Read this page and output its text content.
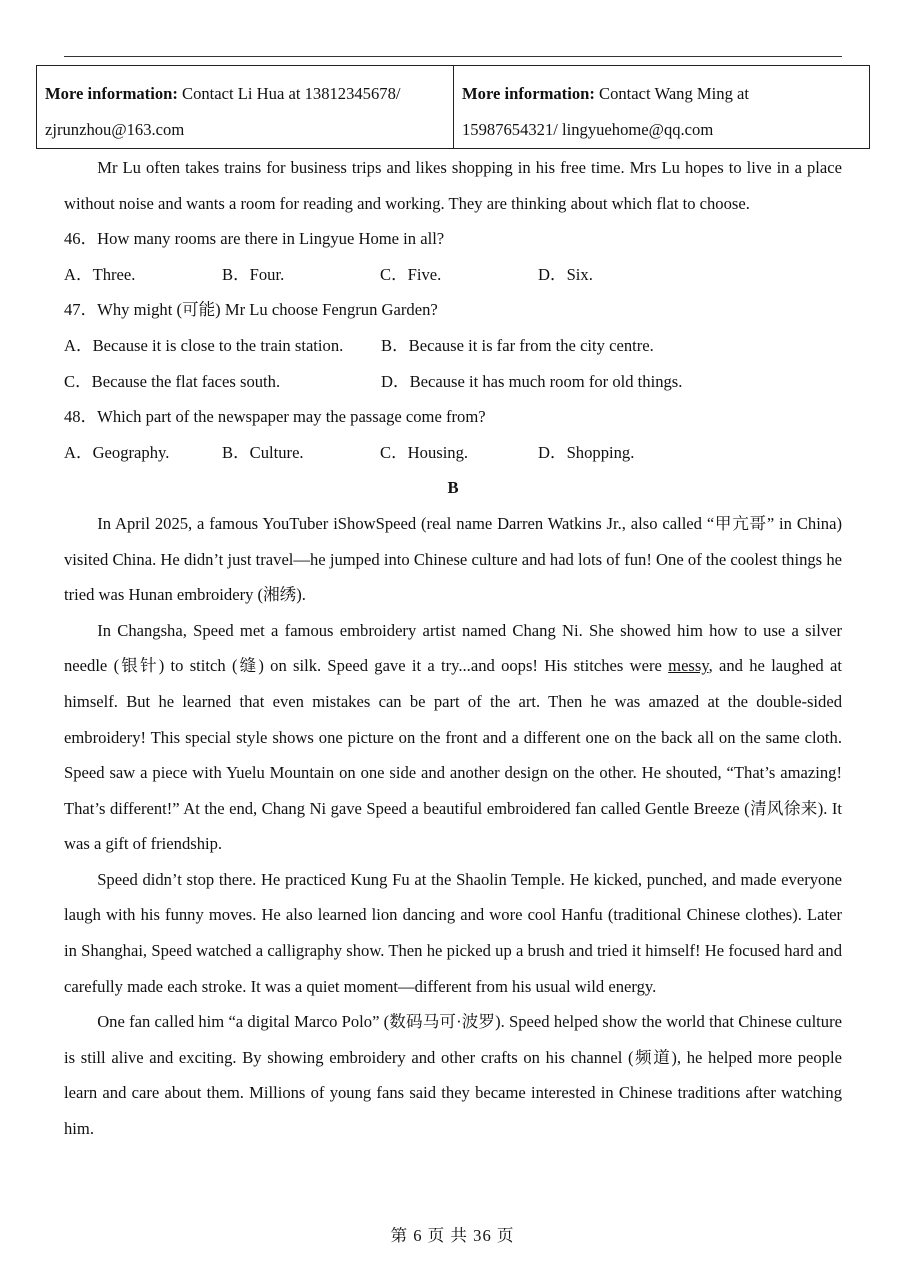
More information: Contact Li Hua at 13812345678/
zjrunzhou@163.com
More information: Contact Wang Ming at
15987654321/ lingyuehome@qq.com

Mr Lu often takes trains for business trips and likes shopping in his free time. Mrs Lu hopes to live in a place without noise and wants a room for reading and working. They are thinking about which flat to choose.

46．How many rooms are there in Lingyue Home in all?
A．Three.	B．Four.	C．Five.	D．Six.
47．Why might (可能) Mr Lu choose Fengrun Garden?
A．Because it is close to the train station.	B．Because it is far from the city centre.
C．Because the flat faces south.	D．Because it has much room for old things.
48．Which part of the newspaper may the passage come from?
A．Geography.	B．Culture.	C．Housing.	D．Shopping.
B

In April 2025, a famous YouTuber iShowSpeed (real name Darren Watkins Jr., also called “甲亢哥” in China) visited China. He didn’t just travel—he jumped into Chinese culture and had lots of fun! One of the coolest things he tried was Hunan embroidery (湘绣).

In Changsha, Speed met a famous embroidery artist named Chang Ni. She showed him how to use a silver needle (银针) to stitch (缝) on silk. Speed gave it a try...and oops! His stitches were messy, and he laughed at himself. But he learned that even mistakes can be part of the art. Then he was amazed at the double-sided embroidery! This special style shows one picture on the front and a different one on the back all on the same cloth. Speed saw a piece with Yuelu Mountain on one side and another design on the other. He shouted, “That’s amazing! That’s different!” At the end, Chang Ni gave Speed a beautiful embroidered fan called Gentle Breeze (清风徐来). It was a gift of friendship.

Speed didn’t stop there. He practiced Kung Fu at the Shaolin Temple. He kicked, punched, and made everyone laugh with his funny moves. He also learned lion dancing and wore cool Hanfu (traditional Chinese clothes). Later in Shanghai, Speed watched a calligraphy show. Then he picked up a brush and tried it himself! He focused hard and carefully made each stroke. It was a quiet moment—different from his usual wild energy.

One fan called him “a digital Marco Polo” (数码马可·波罗). Speed helped show the world that Chinese culture is still alive and exciting. By showing embroidery and other crafts on his channel (频道), he helped more people learn and care about them. Millions of young fans said they became interested in Chinese traditions after watching him.

第 6 页 共 36 页
